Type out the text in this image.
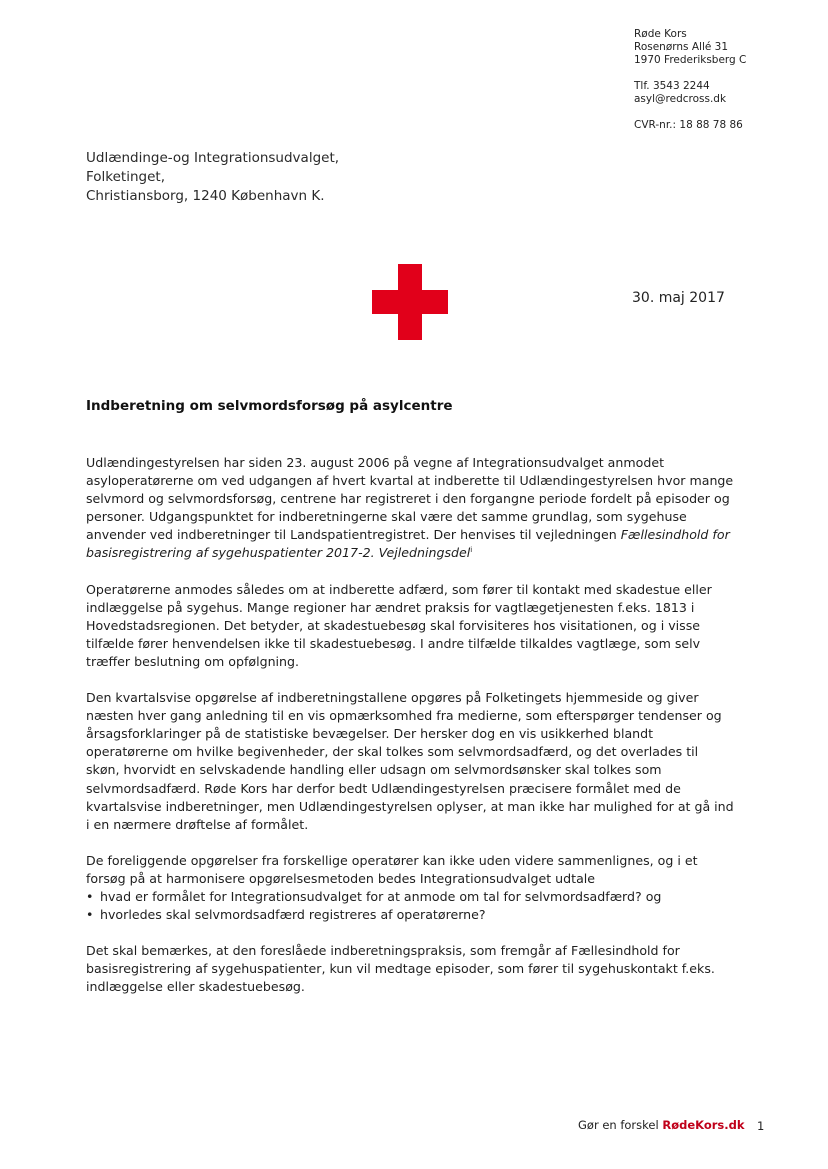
Røde Kors
Rosenørns Allé 31
1970 Frederiksberg C
Tlf. 3543 2244
asyl@redcross.dk
CVR-nr.: 18 88 78 86
Udlændinge-og Integrationsudvalget,
Folketinget,
Christiansborg, 1240 København K.
30. maj 2017
Indberetning om selvmordsforsøg på asylcentre

Udlændingestyrelsen har siden 23. august 2006 på vegne af Integrationsudvalget anmodet asyloperatørerne om ved udgangen af hvert kvartal at indberette til Udlændingestyrelsen hvor mange selvmord og selvmordsforsøg, centrene har registreret i den forgangne periode fordelt på episoder og personer. Udgangspunktet for indberetningerne skal være det samme grundlag, som sygehuse anvender ved indberetninger til Landspatientregistret. Der henvises til vejledningen Fællesindhold for basisregistrering af sygehuspatienter 2017-2. Vejledningsdel$^i$

Operatørerne anmodes således om at indberette adfærd, som fører til kontakt med skadestue eller indlæggelse på sygehus. Mange regioner har ændret praksis for vagtlægetjenesten f.eks. 1813 i Hovedstadsregionen. Det betyder, at skadestuebesøg skal forvisiteres hos visitationen, og i visse tilfælde fører henvendelsen ikke til skadestuebesøg. I andre tilfælde tilkaldes vagtlæge, som selv træffer beslutning om opfølgning.

Den kvartalsvise opgørelse af indberetningstallene opgøres på Folketingets hjemmeside og giver næsten hver gang anledning til en vis opmærksomhed fra medierne, som efterspørger tendenser og årsagsforklaringer på de statistiske bevægelser. Der hersker dog en vis usikkerhed blandt operatørerne om hvilke begivenheder, der skal tolkes som selvmordsadfærd, og det overlades til skøn, hvorvidt en selvskadende handling eller udsagn om selvmordsønsker skal tolkes som selvmordsadfærd. Røde Kors har derfor bedt Udlændingestyrelsen præcisere formålet med de kvartalsvise indberetninger, men Udlændingestyrelsen oplyser, at man ikke har mulighed for at gå ind i en nærmere drøftelse af formålet.

De foreliggende opgørelser fra forskellige operatører kan ikke uden videre sammenlignes, og i et forsøg på at harmonisere opgørelsesmetoden bedes Integrationsudvalget udtale

• hvad er formålet for Integrationsudvalget for at anmode om tal for selvmordsadfærd? og
• hvorledes skal selvmordsadfærd registreres af operatørerne?

Det skal bemærkes, at den foreslåede indberetningspraksis, som fremgår af Fællesindhold for basisregistrering af sygehuspatienter, kun vil medtage episoder, som fører til sygehuskontakt f.eks. indlæggelse eller skadestuebesøg.

Gør en forskel RødeKors.dk 1
